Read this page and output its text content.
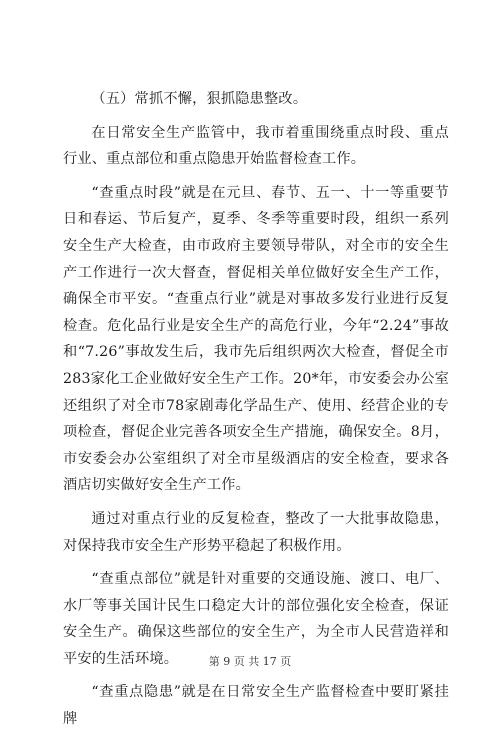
（五）常抓不懈，狠抓隐患整改。

在日常安全生产监管中，我市着重围绕重点时段、重点行业、重点部位和重点隐患开始监督检查工作。

“查重点时段”就是在元旦、春节、五一、十一等重要节日和春运、节后复产，夏季、冬季等重要时段，组织一系列安全生产大检查，由市政府主要领导带队，对全市的安全生产工作进行一次大督查，督促相关单位做好安全生产工作，确保全市平安。“查重点行业”就是对事故多发行业进行反复检查。危化品行业是安全生产的高危行业，今年“2.24”事故和“7.26”事故发生后，我市先后组织两次大检查，督促全市283家化工企业做好安全生产工作。20*年，市安委会办公室还组织了对全市78家剧毒化学品生产、使用、经营企业的专项检查，督促企业完善各项安全生产措施，确保安全。8月，市安委会办公室组织了对全市星级酒店的安全检查，要求各酒店切实做好安全生产工作。

通过对重点行业的反复检查，整改了一大批事故隐患，对保持我市安全生产形势平稳起了积极作用。

“查重点部位”就是针对重要的交通设施、渡口、电厂、水厂等事关国计民生口稳定大计的部位强化安全检查，保证安全生产。确保这些部位的安全生产，为全市人民营造祥和平安的生活环境。

“查重点隐患”就是在日常安全生产监督检查中要盯紧挂牌

第 9 页 共 17 页
